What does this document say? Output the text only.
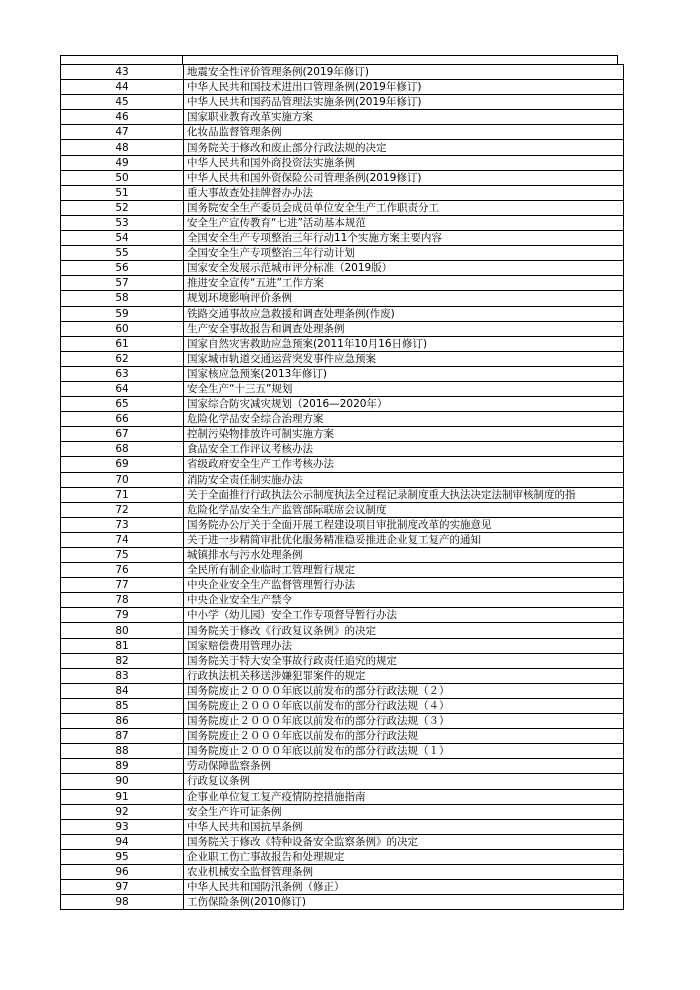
43	地震安全性评价管理条例(2019年修订)
44	中华人民共和国技术进出口管理条例(2019年修订)
45	中华人民共和国药品管理法实施条例(2019年修订)
46	国家职业教育改革实施方案
47	化妆品监督管理条例
48	国务院关于修改和废止部分行政法规的决定
49	中华人民共和国外商投资法实施条例
50	中华人民共和国外资保险公司管理条例(2019修订)
51	重大事故查处挂牌督办办法
52	国务院安全生产委员会成员单位安全生产工作职责分工
53	安全生产宣传教育“七进”活动基本规范
54	全国安全生产专项整治三年行动11个实施方案主要内容
55	全国安全生产专项整治三年行动计划
56	国家安全发展示范城市评分标准（2019版）
57	推进安全宣传“五进”工作方案
58	规划环境影响评价条例
59	铁路交通事故应急救援和调查处理条例(作废)
60	生产安全事故报告和调查处理条例
61	国家自然灾害救助应急预案(2011年10月16日修订)
62	国家城市轨道交通运营突发事件应急预案
63	国家核应急预案(2013年修订)
64	安全生产“十三五”规划
65	国家综合防灾减灾规划（2016—2020年）
66	危险化学品安全综合治理方案
67	控制污染物排放许可制实施方案
68	食品安全工作评议考核办法
69	省级政府安全生产工作考核办法
70	消防安全责任制实施办法
71	关于全面推行行政执法公示制度执法全过程记录制度重大执法决定法制审核制度的指
72	危险化学品安全生产监管部际联席会议制度
73	国务院办公厅关于全面开展工程建设项目审批制度改革的实施意见
74	关于进一步精简审批优化服务精准稳妥推进企业复工复产的通知
75	城镇排水与污水处理条例
76	全民所有制企业临时工管理暂行规定
77	中央企业安全生产监督管理暂行办法
78	中央企业安全生产禁令
79	中小学（幼儿园）安全工作专项督导暂行办法
80	国务院关于修改《行政复议条例》的决定
81	国家赔偿费用管理办法
82	国务院关于特大安全事故行政责任追究的规定
83	行政执法机关移送涉嫌犯罪案件的规定
84	国务院废止２０００年底以前发布的部分行政法规（２）
85	国务院废止２０００年底以前发布的部分行政法规（４）
86	国务院废止２０００年底以前发布的部分行政法规（３）
87	国务院废止２０００年底以前发布的部分行政法规
88	国务院废止２０００年底以前发布的部分行政法规（１）
89	劳动保障监察条例
90	行政复议条例
91	企事业单位复工复产疫情防控措施指南
92	安全生产许可证条例
93	中华人民共和国抗旱条例
94	国务院关于修改《特种设备安全监察条例》的决定
95	企业职工伤亡事故报告和处理规定
96	农业机械安全监督管理条例
97	中华人民共和国防汛条例（修正）
98	工伤保险条例(2010修订)
